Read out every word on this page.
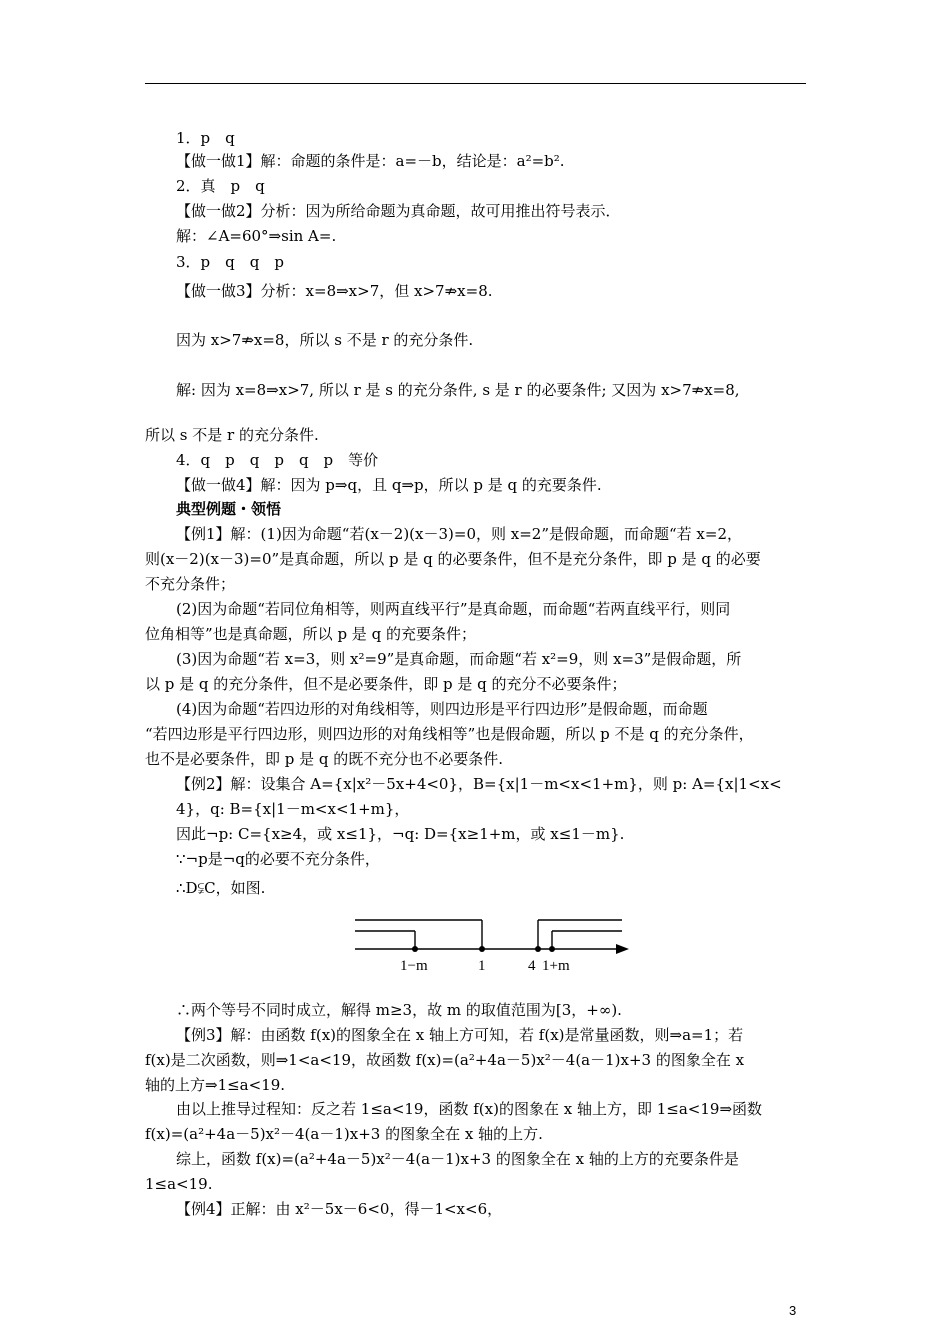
1．p　q
【做一做1】解：命题的条件是：a=－b，结论是：a²=b².
2．真　p　q
【做一做2】分析：因为所给命题为真命题，故可用推出符号表示．
解：∠A=60°⇒sin A=.
3．p　q　q　p
【做一做3】分析：x=8⇒x>7，但 x>7⇏x=8.
因为 x>7⇏x=8，所以 s 不是 r 的充分条件.
解: 因为 x=8⇒x>7, 所以 r 是 s 的充分条件, s 是 r 的必要条件; 又因为 x>7⇏x=8,
所以 s 不是 r 的充分条件.
4．q　p　q　p　q　p　等价
【做一做4】解：因为 p⇒q，且 q⇒p，所以 p 是 q 的充要条件.
典型例题・领悟
【例1】解：(1)因为命题“若(x－2)(x－3)=0，则 x=2”是假命题，而命题“若 x=2，
则(x－2)(x－3)=0”是真命题，所以 p 是 q 的必要条件，但不是充分条件，即 p 是 q 的必要
不充分条件；
(2)因为命题“若同位角相等，则两直线平行”是真命题，而命题“若两直线平行，则同
位角相等”也是真命题，所以 p 是 q 的充要条件；
(3)因为命题“若 x=3，则 x²=9”是真命题，而命题“若 x²=9，则 x=3”是假命题，所
以 p 是 q 的充分条件，但不是必要条件，即 p 是 q 的充分不必要条件；
(4)因为命题“若四边形的对角线相等，则四边形是平行四边形”是假命题，而命题
“若四边形是平行四边形，则四边形的对角线相等”也是假命题，所以 p 不是 q 的充分条件，
也不是必要条件，即 p 是 q 的既不充分也不必要条件.
【例2】解：设集合 A={x|x²－5x+4<0}，B={x|1－m<x<1+m}，则 p: A={x|1<x<
4}，q: B={x|1－m<x<1+m}，
因此¬p: C={x≥4，或 x≤1}，¬q: D={x≥1+m，或 x≤1－m}.
∵¬p是¬q的必要不充分条件，
∴D⫋C，如图.
∴两个等号不同时成立，解得 m≥3，故 m 的取值范围为[3，+∞).
【例3】解：由函数 f(x)的图象全在 x 轴上方可知，若 f(x)是常量函数，则⇒a=1；若
f(x)是二次函数，则⇒1<a<19，故函数 f(x)=(a²+4a－5)x²－4(a－1)x+3 的图象全在 x
轴的上方⇒1≤a<19.
由以上推导过程知：反之若 1≤a<19，函数 f(x)的图象在 x 轴上方，即 1≤a<19⇒函数
f(x)=(a²+4a－5)x²－4(a－1)x+3 的图象全在 x 轴的上方.
综上，函数 f(x)=(a²+4a－5)x²－4(a－1)x+3 的图象全在 x 轴的上方的充要条件是
1≤a<19.
【例4】正解：由 x²－5x－6<0，得－1<x<6，
1−m	1	4 1+m
3
